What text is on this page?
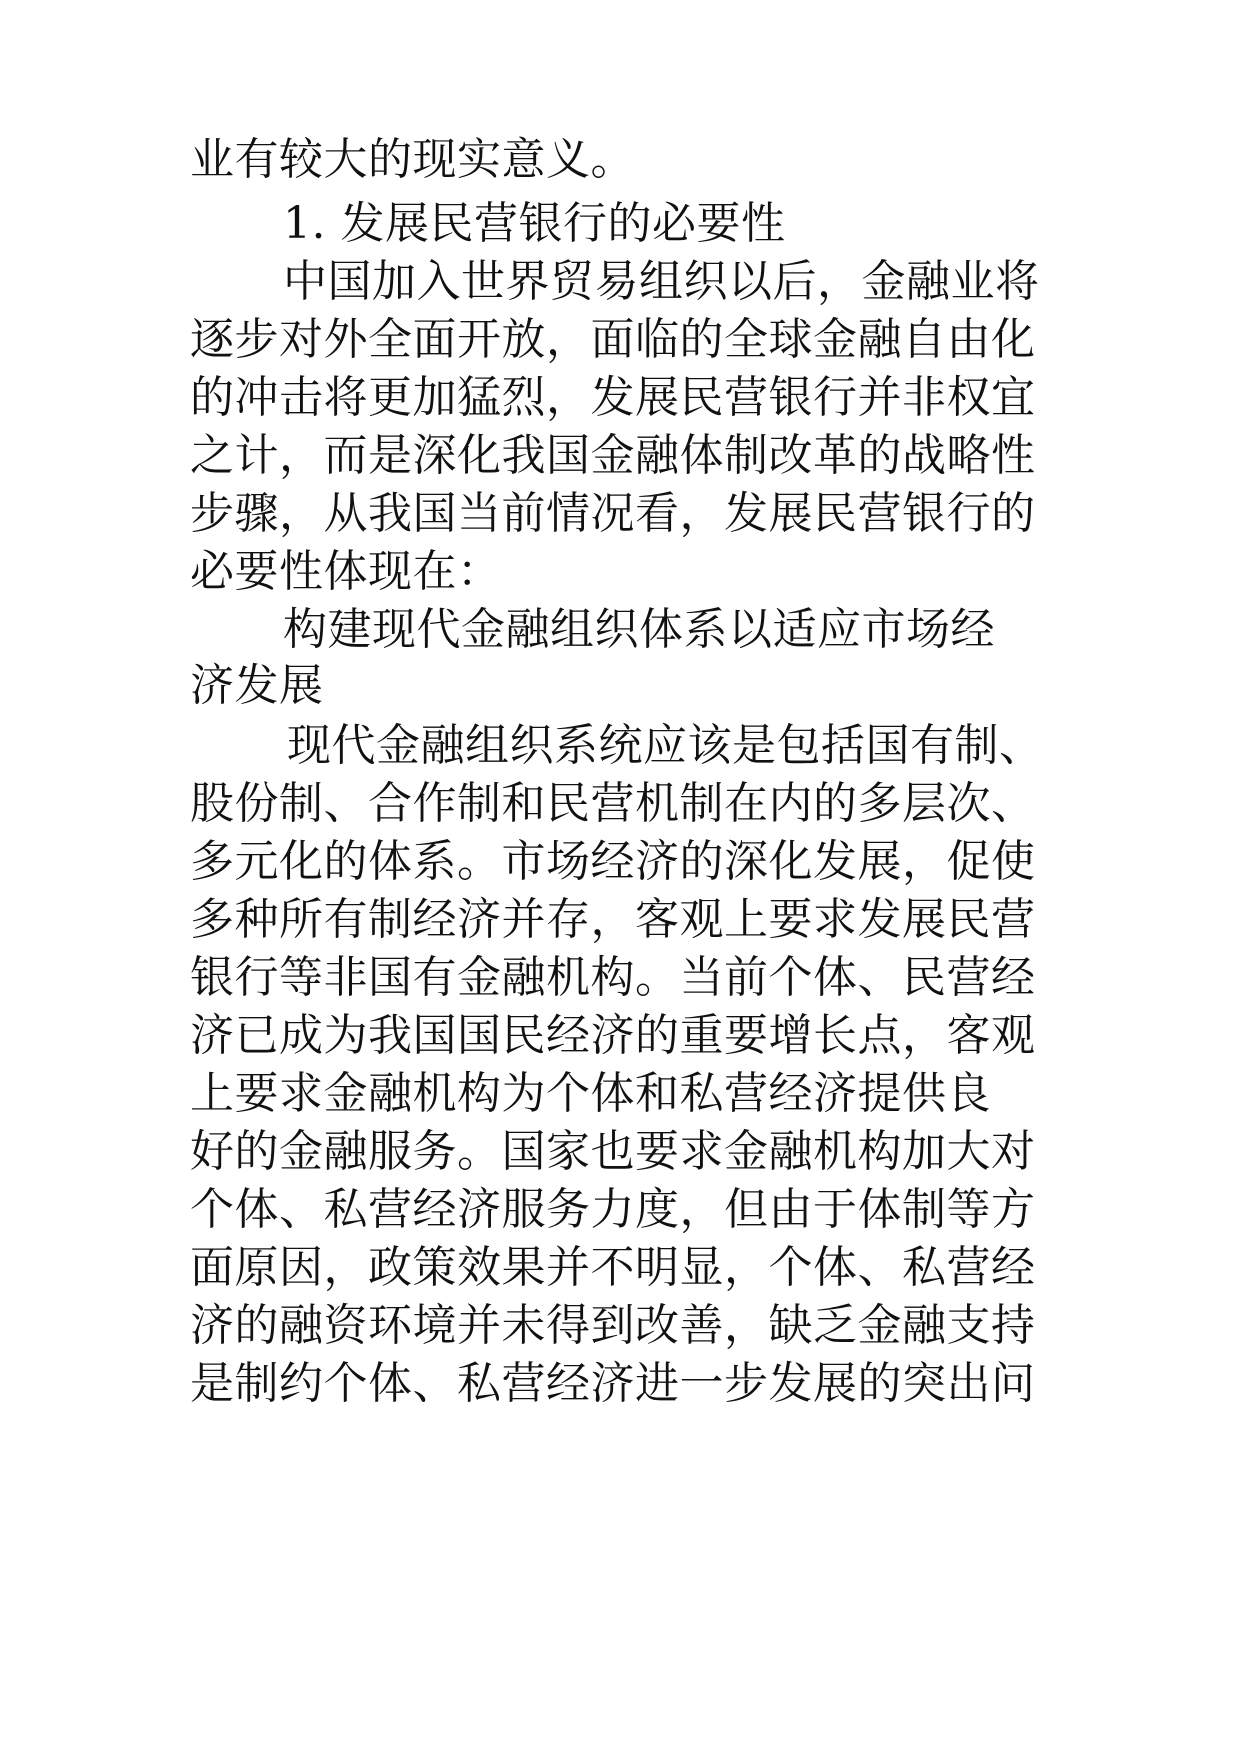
业有较大的现实意义。
1. 发展民营银行的必要性
中国加入世界贸易组织以后，金融业将
逐步对外全面开放，面临的全球金融自由化
的冲击将更加猛烈，发展民营银行并非权宜
之计，而是深化我国金融体制改革的战略性
步骤，从我国当前情况看，发展民营银行的
必要性体现在：
构建现代金融组织体系以适应市场经
济发展
现代金融组织系统应该是包括国有制、
股份制、合作制和民营机制在内的多层次、
多元化的体系。市场经济的深化发展，促使
多种所有制经济并存，客观上要求发展民营
银行等非国有金融机构。当前个体、民营经
济已成为我国国民经济的重要增长点，客观
上要求金融机构为个体和私营经济提供良
好的金融服务。国家也要求金融机构加大对
个体、私营经济服务力度，但由于体制等方
面原因，政策效果并不明显，个体、私营经
济的融资环境并未得到改善，缺乏金融支持
是制约个体、私营经济进一步发展的突出问
